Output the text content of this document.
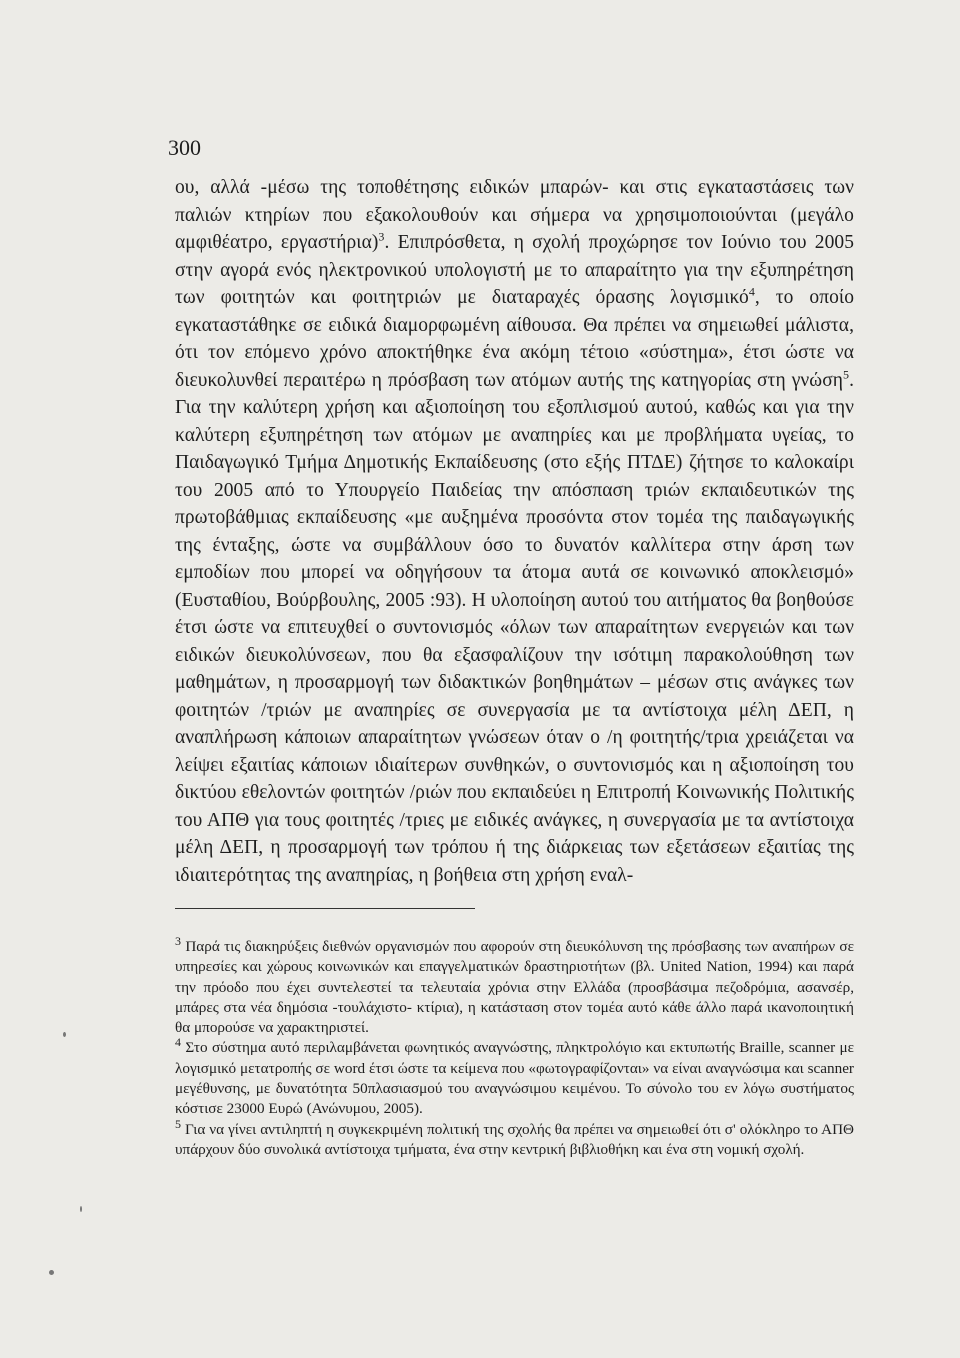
300

ου, αλλά -μέσω της τοποθέτησης ειδικών μπαρών- και στις εγκαταστάσεις των παλιών κτηρίων που εξακολουθούν και σήμερα να χρησιμοποιούνται (μεγάλο αμφιθέατρο, εργαστήρια)$^3$. Επιπρόσθετα, η σχολή προχώρησε τον Ιούνιο του 2005 στην αγορά ενός ηλεκτρονικού υπολογιστή με το απαραίτητο για την εξυπηρέτηση των φοιτητών και φοιτητριών με διαταραχές όρασης λογισμικό$^4$, το οποίο εγκαταστάθηκε σε ειδικά διαμορφωμένη αίθουσα. Θα πρέπει να σημειωθεί μάλιστα, ότι τον επόμενο χρόνο αποκτήθηκε ένα ακόμη τέτοιο «σύστημα», έτσι ώστε να διευκολυνθεί περαιτέρω η πρόσβαση των ατόμων αυτής της κατηγορίας στη γνώση$^5$. Για την καλύτερη χρήση και αξιοποίηση του εξοπλισμού αυτού, καθώς και για την καλύτερη εξυπηρέτηση των ατόμων με αναπηρίες και με προβλήματα υγείας, το Παιδαγωγικό Τμήμα Δημοτικής Εκπαίδευσης (στο εξής ΠΤΔΕ) ζήτησε το καλοκαίρι του 2005 από το Υπουργείο Παιδείας την απόσπαση τριών εκπαιδευτικών της πρωτοβάθμιας εκπαίδευσης «με αυξημένα προσόντα στον τομέα της παιδαγωγικής της ένταξης, ώστε να συμβάλλουν όσο το δυνατόν καλλίτερα στην άρση των εμποδίων που μπορεί να οδηγήσουν τα άτομα αυτά σε κοινωνικό αποκλεισμό» (Ευσταθίου, Βούρβουλης, 2005 :93). Η υλοποίηση αυτού του αιτήματος θα βοηθούσε έτσι ώστε να επιτευχθεί ο συντονισμός «όλων των απαραίτητων ενεργειών και των ειδικών διευκολύνσεων, που θα εξασφαλίζουν την ισότιμη παρακολούθηση των μαθημάτων, η προσαρμογή των διδακτικών βοηθημάτων – μέσων στις ανάγκες των φοιτητών /τριών με αναπηρίες σε συνεργασία με τα αντίστοιχα μέλη ΔΕΠ, η αναπλήρωση κάποιων απαραίτητων γνώσεων όταν ο /η φοιτητής/τρια χρειάζεται να λείψει εξαιτίας κάποιων ιδιαίτερων συνθηκών, ο συντονισμός και η αξιοποίηση του δικτύου εθελοντών φοιτητών /ριών που εκπαιδεύει η Επιτροπή Κοινωνικής Πολιτικής του ΑΠΘ για τους φοιτητές /τριες με ειδικές ανάγκες, η συνεργασία με τα αντίστοιχα μέλη ΔΕΠ, η προσαρμογή των τρόπου ή της διάρκειας των εξετάσεων εξαιτίας της ιδιαιτερότητας της αναπηρίας, η βοήθεια στη χρήση εναλ-

$^3$ Παρά τις διακηρύξεις διεθνών οργανισμών που αφορούν στη διευκόλυνση της πρόσβασης των αναπήρων σε υπηρεσίες και χώρους κοινωνικών και επαγγελματικών δραστηριοτήτων (βλ. United Nation, 1994) και παρά την πρόοδο που έχει συντελεστεί τα τελευταία χρόνια στην Ελλάδα (προσβάσιμα πεζοδρόμια, ασανσέρ, μπάρες στα νέα δημόσια -τουλάχιστο- κτίρια), η κατάσταση στον τομέα αυτό κάθε άλλο παρά ικανοποιητική θα μπορούσε να χαρακτηριστεί.

$^4$ Στο σύστημα αυτό περιλαμβάνεται φωνητικός αναγνώστης, πληκτρολόγιο και εκτυπωτής Braille, scanner με λογισμικό μετατροπής σε word έτσι ώστε τα κείμενα που «φωτογραφίζονται» να είναι αναγνώσιμα και scanner μεγέθυνσης, με δυνατότητα 50πλασιασμού του αναγνώσιμου κειμένου. Το σύνολο του εν λόγω συστήματος κόστισε 23000 Ευρώ (Ανώνυμου, 2005).

$^5$ Για να γίνει αντιληπτή η συγκεκριμένη πολιτική της σχολής θα πρέπει να σημειωθεί ότι σ' ολόκληρο το ΑΠΘ υπάρχουν δύο συνολικά αντίστοιχα τμήματα, ένα στην κεντρική βιβλιοθήκη και ένα στη νομική σχολή.
